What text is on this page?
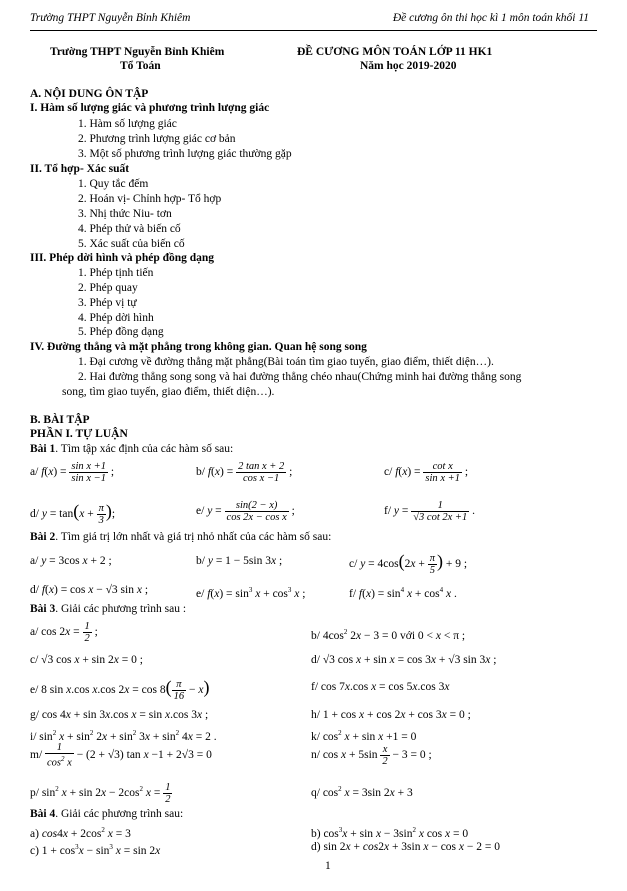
Trường THPT Nguyễn Bỉnh Khiêm	Đề cương ôn thi học kì 1 môn toán khối 11
Trường THPT Nguyễn Bỉnh Khiêm
Tổ Toán
ĐỀ CƯƠNG MÔN TOÁN LỚP 11 HK1
Năm học 2019-2020
A. NỘI DUNG ÔN TẬP
I. Hàm số lượng giác và phương trình lượng giác
1. Hàm số lượng giác
2. Phương trình lượng giác cơ bản
3. Một số phương trình lượng giác thường gặp
II. Tổ hợp- Xác suất
1. Quy tắc đếm
2. Hoán vị- Chỉnh hợp- Tổ hợp
3. Nhị thức Niu- tơn
4. Phép thử và biến cố
5. Xác suất của biến cố
III. Phép dời hình và phép đồng dạng
1. Phép tịnh tiến
2. Phép quay
3. Phép vị tự
4. Phép dời hình
5. Phép đồng dạng
IV. Đường thẳng và mặt phẳng trong không gian. Quan hệ song song
1. Đại cương về đường thẳng mặt phẳng(Bài toán tìm giao tuyến, giao điểm, thiết diện…).
2. Hai đường thẳng song song và hai đường thẳng chéo nhau(Chứng minh hai đường thẳng song
song, tìm giao tuyến, giao điểm, thiết diện…).
B. BÀI TẬP
PHẦN I. TỰ LUẬN
Bài 1. Tìm tập xác định của các hàm số sau:
a/ $f(x) = \frac{\text{sin x +1}}{\text{sin x −1}}$ ;	b/ $f(x) = \frac{\text{2 tan x + 2}}{\text{cos x −1}}$ ;	c/ $f(x) = \frac{\text{cot x}}{\text{sin x +1}}$ ;
d/ $y = \tan(x + \frac{\pi}{3}$ );	e/ $y = \frac{\sin(2 - x)}{\text{cos 2x − cos x}}$ ;	f/ $y = \frac{1}{√3 \cot 2x +1}$ .
Bài 2. Tìm giá trị lớn nhất và giá trị nhỏ nhất của các hàm số sau:
a/ y = 3cos x + 2 ;	b/ y = 1 − 5sin 3x ;	c/ $y = 4\cos(2x + \frac{\pi}{5}$ ) + 9 ;
d/ f(x) = cos x − √3 sin x ;	e/ $f(x) = \sin^3 x + \cos^3 x$ ;	f/ $f(x) = \sin^4 x + \cos^4 x$ .
Bài 3. Giải các phương trình sau :
a/ $\cos 2x = \frac{1}{2}$ ;	b/ $4\cos^2$ 2x − 3 = 0 với 0 < x < π ;
c/ √3 cos x + sin 2x = 0 ;	d/ √3 cos x + sin x = cos 3x + √3 sin 3x ;
e/ 8 sin x.cos x.cos $2x = \cos 8( \frac{\pi}{16} - x)$	f/ cos 7x.cos x = cos 5x.cos 3x
g/ cos 4x + sin 3x.cos x = sin x.cos 3x ;	h/ 1 + cos x + cos 2x + cos 3x = 0 ;
i/ $\sin^2 x + \sin^2 2x + \sin^2 3x + \sin^2 4x = 2$ .	k/ $\cos^2 x + \sin x +1 = 0$
$m/ \frac{1}{\cos^2 x} - (2 + √3)$ tan x −1 + 2√3 = 0	n/ $\cos x + 5\sin \frac{x}{2} - 3 = 0$ ;
p/ $\sin^2 x + \sin 2x - 2\cos^2$ $x = \frac{1}{2}$	q/ $\cos^2 x = 3\sin$ 2x + 3
Bài 4. Giải các phương trình sau:
a) $\cos 4x + 2\cos^2$ x = 3	b) $\cos^3x + \sin x - 3\sin^2$ x cos x = 0
c) $1 + \cos^3x - \sin^3 x = \sin 2x$	d) sin 2x + cos2x + 3sin x − cos x − 2 = 0
1
